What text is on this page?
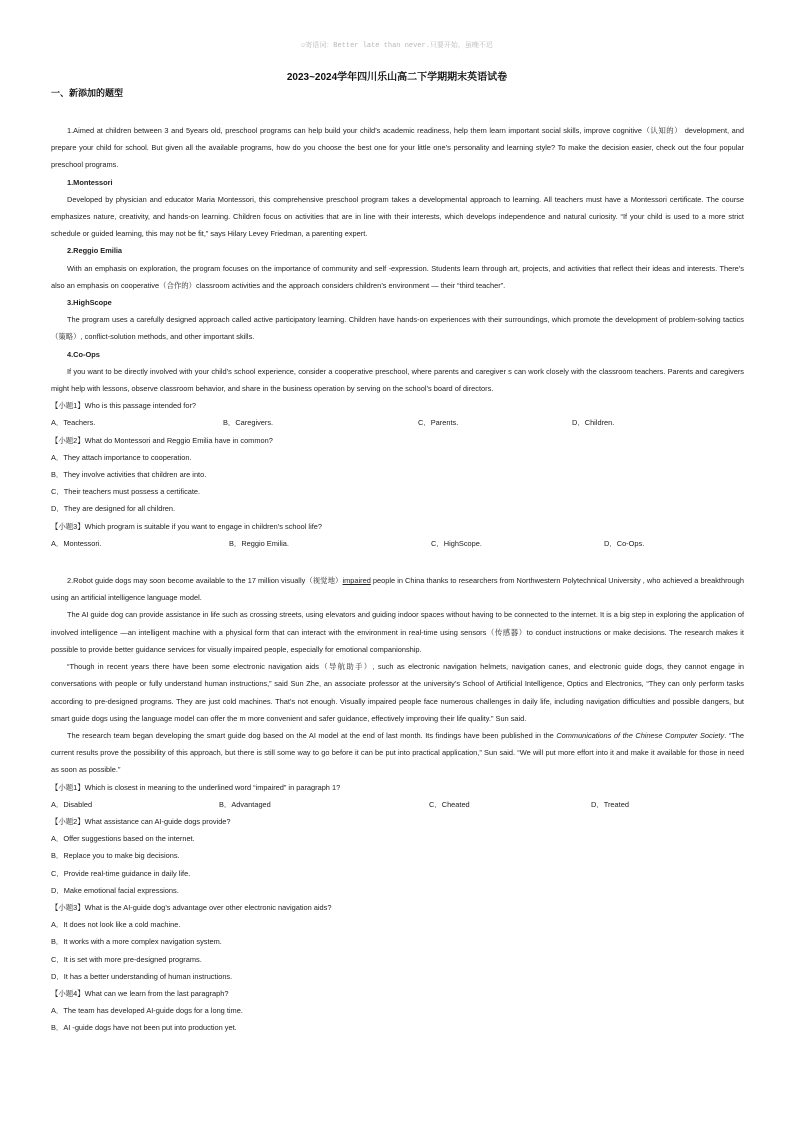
☺寄语词：Better late than never.只要开始，虽晚不迟
2023~2024学年四川乐山高二下学期期末英语试卷
一、新添加的题型

1.Aimed at children between 3 and 5years old, preschool programs can help build your child’s academic readiness, help them learn important social skills, improve cognitive（认知的） development, and prepare your child for school. But given all the available programs, how do you choose the best one for your little one’s personality and learning style? To make the decision easier, check out the four popular preschool programs.

1.Montessori

Developed by physician and educator Maria Montessori, this comprehensive preschool program takes a developmental approach to learning. All teachers must have a Montessori certificate. The course emphasizes nature, creativity, and hands-on learning. Children focus on activities that are in line with their interests, which develops independence and natural curiosity. “If your child is used to a more strict schedule or guided learning, this may not be fit,” says Hilary Levey Friedman, a parenting expert.

2.Reggio Emilia

With an emphasis on exploration, the program focuses on the importance of community and self -expression. Students learn through art, projects, and activities that reflect their ideas and interests. There’s also an emphasis on cooperative（合作的）classroom activities and the approach considers children’s environment — their “third teacher”.

3.HighScope

The program uses a carefully designed approach called active participatory learning. Children have hands-on experiences with their surroundings, which promote the development of problem-solving tactics（策略）, conflict-solution methods, and other important skills.

4.Co-Ops

If you want to be directly involved with your child’s school experience, consider a cooperative preschool, where parents and caregiver s can work closely with the classroom teachers. Parents and caregivers might help with lessons, observe classroom behavior, and share in the business operation by serving on the school’s board of directors.

【小题1】Who is this passage intended for?

A．Teachers.	B．Caregivers.	C．Parents.	D．Children.

【小题2】What do Montessori and Reggio Emilia have in common?

A．They attach importance to cooperation.

B．They involve activities that children are into.

C．Their teachers must possess a certificate.

D．They are designed for all children.

【小题3】Which program is suitable if you want to engage in children’s school life?

A．Montessori.	B．Reggio Emilia.	C．HighScope.	D．Co-Ops.

2.Robot guide dogs may soon become available to the 17 million visually（视觉地）impaired people in China thanks to researchers from Northwestern Polytechnical University , who achieved a breakthrough using an artificial intelligence language model.

The AI guide dog can provide assistance in life such as crossing streets, using elevators and guiding indoor spaces without having to be connected to the internet. It is a big step in exploring the application of involved intelligence —an intelligent machine with a physical form that can interact with the environment in real-time using sensors（传感器）to conduct instructions or make decisions. The research makes it possible to provide better guidance services for visually impaired people, especially for emotional companionship.

“Though in recent years there have been some electronic navigation aids（导航助手）, such as electronic navigation helmets, navigation canes, and electronic guide dogs, they cannot engage in conversations with people or fully understand human instructions,” said Sun Zhe, an associate professor at the university’s School of Artificial Intelligence, Optics and Electronics, “They can only perform tasks according to pre-designed programs. They are just cold machines. That’s not enough. Visually impaired people face numerous challenges in daily life, including navigation difficulties and possible dangers, but smart guide dogs using the language model can offer the m more convenient and safer guidance, effectively improving their life quality.” Sun said.

The research team began developing the smart guide dog based on the AI model at the end of last month. Its findings have been published in the Communications of the Chinese Computer Society. “The current results prove the possibility of this approach, but there is still some way to go before it can be put into practical application,” Sun said. “We will put more effort into it and make it available for those in need as soon as possible.”

【小题1】Which is closest in meaning to the underlined word “impaired” in paragraph 1?

A．Disabled	B．Advantaged	C．Cheated	D．Treated

【小题2】What assistance can AI-guide dogs provide?

A．Offer suggestions based on the internet.

B．Replace you to make big decisions.

C．Provide real-time guidance in daily life.

D．Make emotional facial expressions.

【小题3】What is the AI-guide dog’s advantage over other electronic navigation aids?

A．It does not look like a cold machine.

B．It works with a more complex navigation system.

C．It is set with more pre-designed programs.

D．It has a better understanding of human instructions.

【小题4】What can we learn from the last paragraph?

A．The team has developed AI-guide dogs for a long time.

B．AI -guide dogs have not been put into production yet.
